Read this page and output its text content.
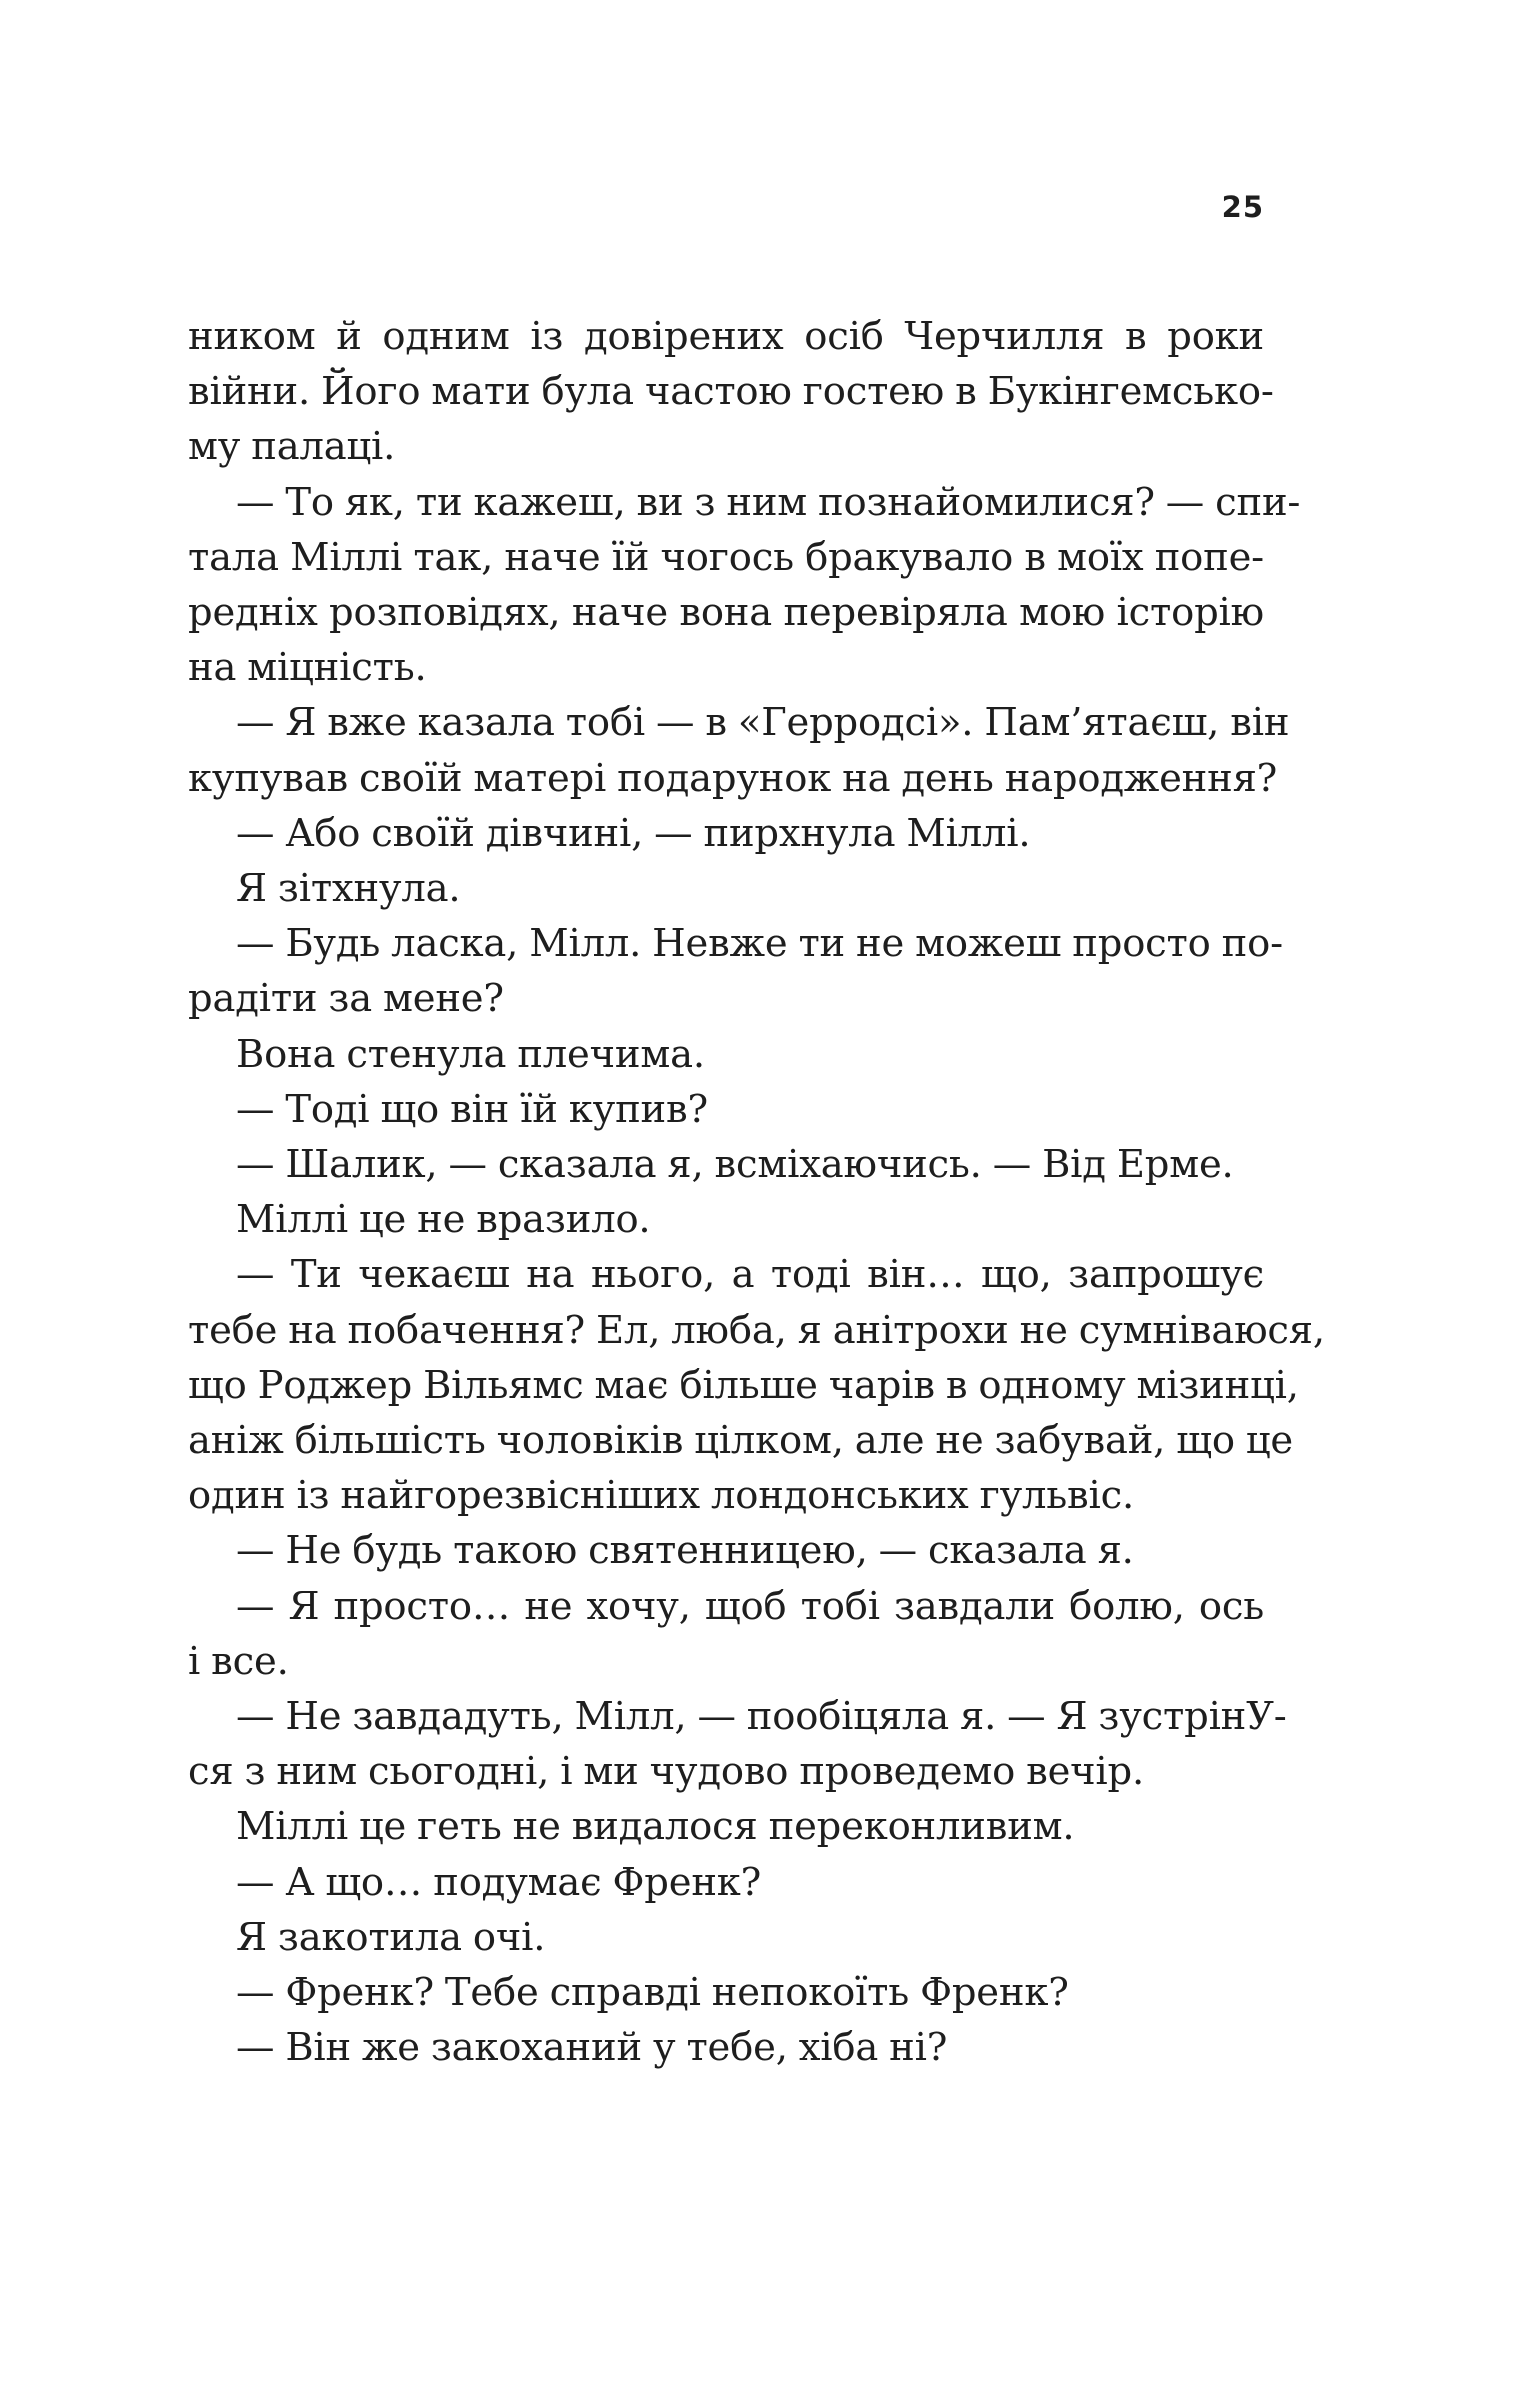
25
ником й одним із довірених осіб Черчилля в роки
війни. Його мати була частою гостею в Букінгемсько-
му палаці.
— То як, ти кажеш, ви з ним познайомилися? — спи-
тала Міллі так, наче їй чогось бракувало в моїх попе-
редніх розповідях, наче вона перевіряла мою історію
на міцність.
— Я вже казала тобі — в «Герродсі». Пам’ятаєш, він
купував своїй матері подарунок на день народження?
— Або своїй дівчині, — пирхнула Міллі.
Я зітхнула.
— Будь ласка, Мілл. Невже ти не можеш просто по-
радіти за мене?
Вона стенула плечима.
— Тоді що він їй купив?
— Шалик, — сказала я, всміхаючись. — Від Ерме.
Міллі це не вразило.
— Ти чекаєш на нього, а тоді він… що, запрошує
тебе на побачення? Ел, люба, я анітрохи не сумніваюся,
що Роджер Вільямс має більше чарів в одному мізинці,
аніж більшість чоловіків цілком, але не забувай, що це
один із найгорезвісніших лондонських гульвіс.
— Не будь такою святенницею, — сказала я.
— Я просто… не хочу, щоб тобі завдали болю, ось
і все.
— Не завдадуть, Мілл, — пообіцяла я. — Я зустрінУ-
ся з ним сьогодні, і ми чудово проведемо вечір.
Міллі це геть не видалося переконливим.
— А що… подумає Френк?
Я закотила очі.
— Френк? Тебе справді непокоїть Френк?
— Він же закоханий у тебе, хіба ні?
